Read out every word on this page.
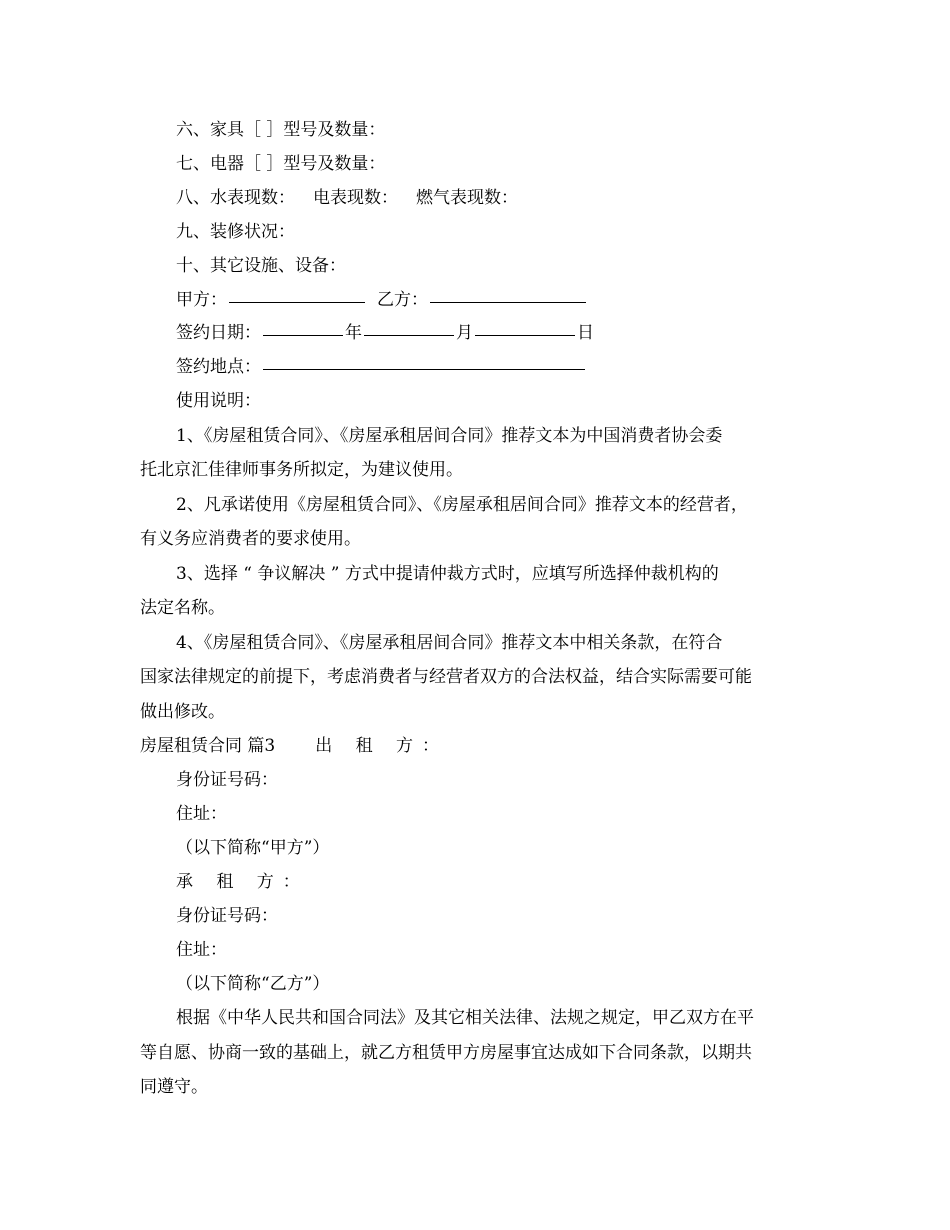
六、家具［ ］型号及数量：
七、电器［ ］型号及数量：
八、水表现数： 电表现数： 燃气表现数：
九、装修状况：
十、其它设施、设备：
甲方：	乙方：
签约日期：	年	月	日
签约地点：
使用说明：
1、《房屋租赁合同》、《房屋承租居间合同》推荐文本为中国消费者协会委
托北京汇佳律师事务所拟定，为建议使用。
2、凡承诺使用《房屋租赁合同》、《房屋承租居间合同》推荐文本的经营者，
有义务应消费者的要求使用。
3、选择 “ 争议解决 ” 方式中提请仲裁方式时，应填写所选择仲裁机构的
法定名称。
4、《房屋租赁合同》、《房屋承租居间合同》推荐文本中相关条款，在符合
国家法律规定的前提下，考虑消费者与经营者双方的合法权益，结合实际需要可能
做出修改。
房屋租赁合同 篇3 出 租 方：
身份证号码：
住址：
（以下简称“甲方”）
承 租 方：
身份证号码：
住址：
（以下简称“乙方”）
根据《中华人民共和国合同法》及其它相关法律、法规之规定，甲乙双方在平
等自愿、协商一致的基础上，就乙方租赁甲方房屋事宜达成如下合同条款，以期共
同遵守。
